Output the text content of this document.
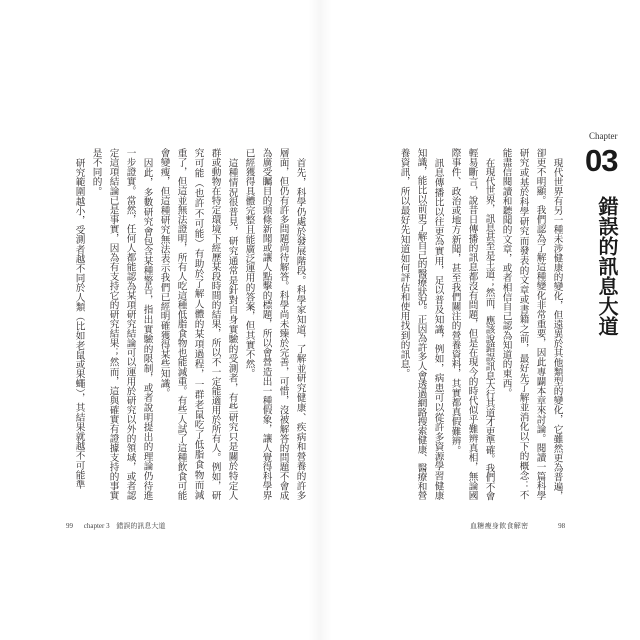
Chapter
03
錯誤的訊息大道
現代世界有另一種未涉健康的變化，但遠異於其他類型的變化，它雖然更為普遍，
卻更不明顯。我們認為了解這種變化非常重要，因此專闢本章來討論。閱讀一篇科學
研究或基於科學研究而發表的文章或書籍之前，最好先了解並消化以下的概念：不
能盡信閱讀和聽聞的文章，或者相信自己認為知道的東西。
在現代世界，訊息甚至是王道；然而，應該說錯誤訊息大行其道才更準確。我們不會
輕易斷言，說昔日傳播的訊息都沒有問題，但是在現今的時代似乎難辨真相，無論國
際事件、政治或地方新聞，甚至我們關注的營養資料，其實都真假難辨。
訊息傳播比以往更為實用，足以普及知識，例如，病患可以從許多資源學習健康
知識，能比以前更了解自己的醫療狀況。正因為許多人會透過網路搜索健康、醫療和營
養資訊，所以最好先知道如何評估和使用找到的訊息。
血糖瘦身飲食解密	98
首先，科學仍處於發展階段。科學家知道，了解並研究健康、疾病和營養的許多
層面，但仍有許多問題尚待解答。科學尚未臻於完善，可惜，沒被解答的問題不會成
為廣受矚目的頭條新聞或讓人點擊的標題，所以會營造出一種假象，讓人覺得科學界
已經獲得具體完整且能廣泛運用的答案，但其實不然。
這種情況很普見，研究通常是針對自身實驗的受測者，有些研究只是關於特定人
群或動物在特定環境下經歷某段時間的結果，所以不一定能適用於所有人。例如，研
究可能（也許不可能）有助於了解人體的某項過程，一群老鼠吃了低脂食物而減
重了，但這並無法證明，所有人吃這種低脂食物也能減重。有些人試了這種飲食可能
會變瘦，但這種研究無法表示我們已經明確獲得某些知識。
因此，多數研究會包含某種警告，指出實驗的限制，或者說明提出的理論仍待進
一步證實。當然，任何人都能認為某項研究結論可以運用於研究以外的領域，或者認
定這項結論已是事實，因為有支持它的研究結果；然而，這與確實有證據支持的事實
是不同的。
研究範圍越小，受測者越不同於人類（比如老鼠或果蠅），其結果就越不可能準
99 chapter 3 錯誤的訊息大道
